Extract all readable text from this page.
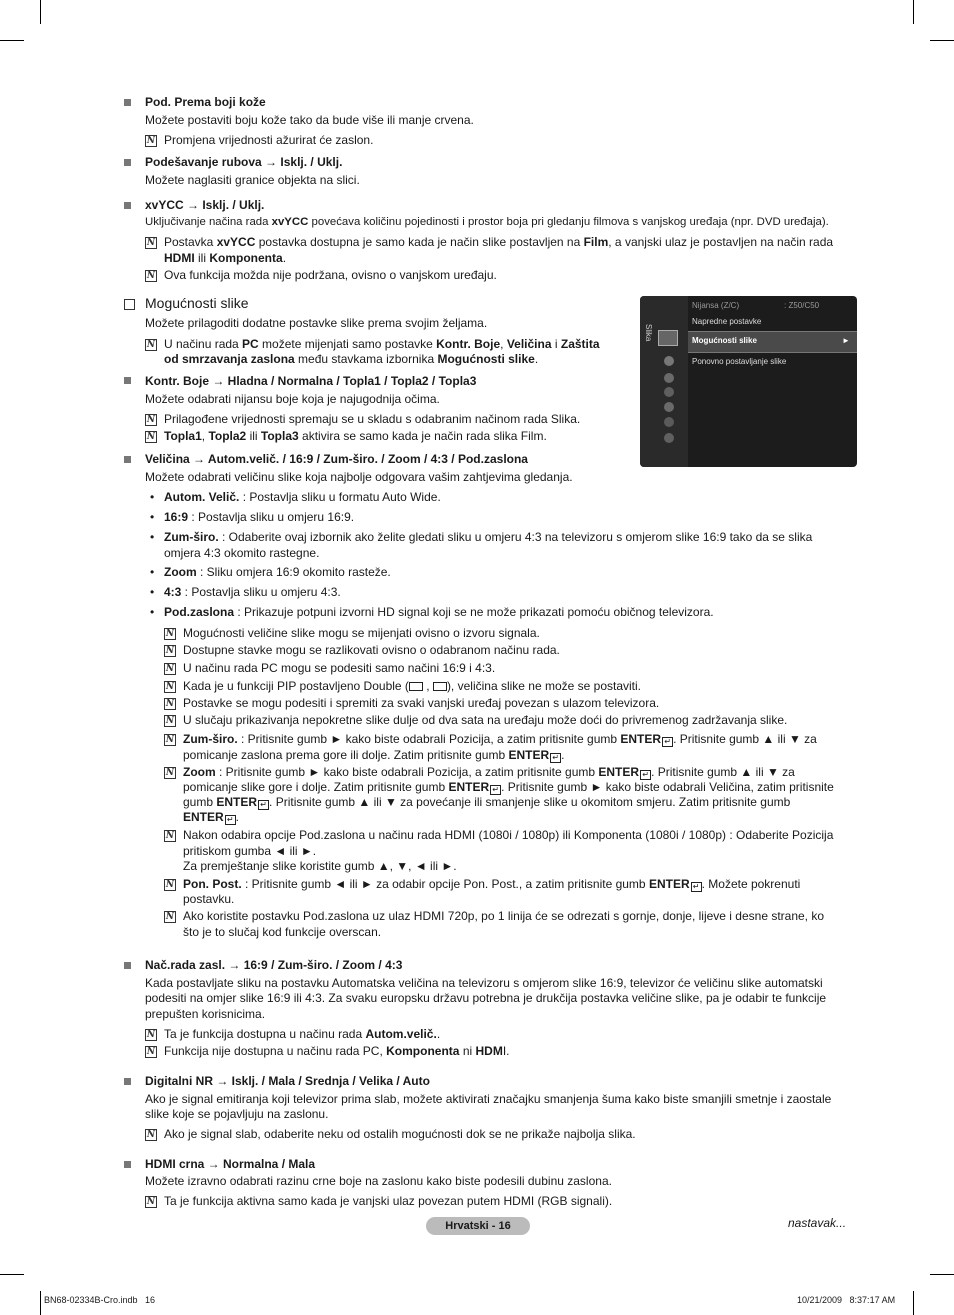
Pod. Prema boji kože
Možete postaviti boju kože tako da bude više ili manje crvena.
N Promjena vrijednosti ažurirat će zaslon.
Podešavanje rubova → Isklj. / Uklj.
Možete naglasiti granice objekta na slici.
xvYCC → Isklj. / Uklj.
Uključivanje načina rada xvYCC povećava količinu pojedinosti i prostor boja pri gledanju filmova s vanjskog uređaja (npr. DVD uređaja).
N Postavka xvYCC postavka dostupna je samo kada je način slike postavljen na Film, a vanjski ulaz je postavljen na način rada
HDMI ili Komponenta.
N Ova funkcija možda nije podržana, ovisno o vanjskom uređaju.
Mogućnosti slike
Možete prilagoditi dodatne postavke slike prema svojim željama.
N U načinu rada PC možete mijenjati samo postavke Kontr. Boje, Veličina i Zaštita
od smrzavanja zaslona među stavkama izbornika Mogućnosti slike.
Slika
Nijansa (Z/C)	: Z50/C50
Napredne postavke
Mogućnosti slike	►
Ponovno postavljanje slike
Kontr. Boje → Hladna / Normalna / Topla1 / Topla2 / Topla3
Možete odabrati nijansu boje koja je najugodnija očima.
N Prilagođene vrijednosti spremaju se u skladu s odabranim načinom rada Slika.
N Topla1, Topla2 ili Topla3 aktivira se samo kada je način rada slika Film.
Veličina → Autom.velič. / 16:9 / Zum-širo. / Zoom / 4:3 / Pod.zaslona
Možete odabrati veličinu slike koja najbolje odgovara vašim zahtjevima gledanja.
• Autom. Velič. : Postavlja sliku u formatu Auto Wide.
• 16:9 : Postavlja sliku u omjeru 16:9.
• Zum-širo. : Odaberite ovaj izbornik ako želite gledati sliku u omjeru 4:3 na televizoru s omjerom slike 16:9 tako da se slika omjera 4:3 okomito rastegne.
• Zoom : Sliku omjera 16:9 okomito rasteže.
• 4:3 : Postavlja sliku u omjeru 4:3.
• Pod.zaslona : Prikazuje potpuni izvorni HD signal koji se ne može prikazati pomoću običnog televizora.
N Mogućnosti veličine slike mogu se mijenjati ovisno o izvoru signala.
N Dostupne stavke mogu se razlikovati ovisno o odabranom načinu rada.
N U načinu rada PC mogu se podesiti samo načini 16:9 i 4:3.
N Kada je u funkciji PIP postavljeno Double ( , ), veličina slike ne može se postaviti.
N Postavke se mogu podesiti i spremiti za svaki vanjski uređaj povezan s ulazom televizora.
N U slučaju prikazivanja nepokretne slike dulje od dva sata na uređaju može doći do privremenog zadržavanja slike.
N Zum-širo. : Pritisnite gumb ► kako biste odabrali Pozicija, a zatim pritisnite gumb ENTER ↵ . Pritisnite gumb ▲ ili ▼ za
pomicanje zaslona prema gore ili dolje. Zatim pritisnite gumb ENTER ↵ .
N Zoom : Pritisnite gumb ► kako biste odabrali Pozicija, a zatim pritisnite gumb ENTER ↵ . Pritisnite gumb ▲ ili ▼ za
pomicanje slike gore i dolje. Zatim pritisnite gumb ENTER ↵ . Pritisnite gumb ► kako biste odabrali Veličina, zatim pritisnite
gumb ENTER ↵ . Pritisnite gumb ▲ ili ▼ za povećanje ili smanjenje slike u okomitom smjeru. Zatim pritisnite gumb
ENTER ↵ .
N Nakon odabira opcije Pod.zaslona u načinu rada HDMI (1080i / 1080p) ili Komponenta (1080i / 1080p) : Odaberite Pozicija
pritiskom gumba ◄ ili ►.
Za premještanje slike koristite gumb ▲, ▼, ◄ ili ►.
N Pon. Post. : Pritisnite gumb ◄ ili ► za odabir opcije Pon. Post., a zatim pritisnite gumb ENTER ↵ . Možete pokrenuti
postavku.
N Ako koristite postavku Pod.zaslona uz ulaz HDMI 720p, po 1 linija će se odrezati s gornje, donje, lijeve i desne strane, ko
što je to slučaj kod funkcije overscan.
Nač.rada zasl. → 16:9 / Zum-širo. / Zoom / 4:3
Kada postavljate sliku na postavku Automatska veličina na televizoru s omjerom slike 16:9, televizor će veličinu slike automatski
podesiti na omjer slike 16:9 ili 4:3. Za svaku europsku državu potrebna je drukčija postavka veličine slike, pa je odabir te funkcije
prepušten korisnicima.
N Ta je funkcija dostupna u načinu rada Autom.velič..
N Funkcija nije dostupna u načinu rada PC, Komponenta ni HDMI.
Digitalni NR → Isklj. / Mala / Srednja / Velika / Auto
Ako je signal emitiranja koji televizor prima slab, možete aktivirati značajku smanjenja šuma kako biste smanjili smetnje i zaostale
slike koje se pojavljuju na zaslonu.
N Ako je signal slab, odaberite neku od ostalih mogućnosti dok se ne prikaže najbolja slika.
HDMI crna → Normalna / Mala
Možete izravno odabrati razinu crne boje na zaslonu kako biste podesili dubinu zaslona.
N Ta je funkcija aktivna samo kada je vanjski ulaz povezan putem HDMI (RGB signali).
Hrvatski - 16	nastavak...
BN68-02334B-Cro.indb   16	10/21/2009   8:37:17 AM
